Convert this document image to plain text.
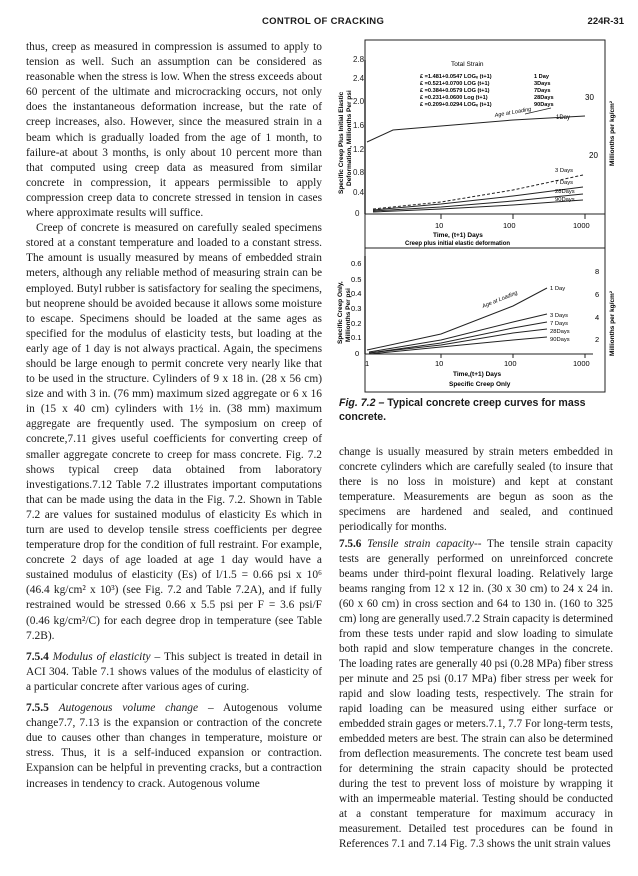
CONTROL OF CRACKING	224R-31

thus, creep as measured in compression is assumed to apply to tension as well. Such an assumption can be considered as reasonable when the stress is low. When the stress exceeds about 60 percent of the ultimate and microcracking occurs, not only does the instantaneous deformation increase, but the rate of creep increases, also. However, since the measured strain in a beam which is gradually loaded from the age of 1 month, to failure-at about 3 months, is only about 10 percent more than that computed using creep data as measured from similar concrete in compression, it appears permissible to apply compression creep data to concrete stressed in tension in cases where approximate results will suffice.

Creep of concrete is measured on carefully sealed specimens stored at a constant temperature and loaded to a constant stress. The amount is usually measured by means of embedded strain meters, although any reliable method of measuring strain can be employed. Butyl rubber is satisfactory for sealing the specimens, but neoprene should be avoided because it allows some moisture to escape. Specimens should be loaded at the same ages as specified for the modulus of elasticity tests, but loading at the early age of 1 day is not always practical. Again, the specimens should be large enough to permit concrete very nearly like that to be used in the structure. Cylinders of 9 x 18 in. (28 x 56 cm) size and with 3 in. (76 mm) maximum sized aggregate or 6 x 16 in (15 x 40 cm) cylinders with 1½ in. (38 mm) maximum aggregate are frequently used. The symposium on creep of concrete,7.11 gives useful coefficients for converting creep of smaller aggregate concrete to creep for mass concrete. Fig. 7.2 shows typical creep data obtained from laboratory investigations.7.12 Table 7.2 illustrates important computations that can be made using the data in the Fig. 7.2. Shown in Table 7.2 are values for sustained modulus of elasticity Es which in turn are used to develop tensile stress coefficients per degree temperature drop for the condition of full restraint. For example, concrete 2 days of age loaded at age 1 day would have a sustained modulus of elasticity (Es) of l/1.5 = 0.66 psi x 10⁶ (46.4 kg/cm² x 10³) (see Fig. 7.2 and Table 7.2A), and if fully restrained would be stressed 0.66 x 5.5 psi per F = 3.6 psi/F (0.46 kg/cm²/C) for each degree drop in temperature (see Table 7.2B).

7.5.4 Modulus of elasticity – This subject is treated in detail in ACI 304. Table 7.1 shows values of the modulus of elasticity of a particular concrete after various ages of curing.

7.5.5 Autogenous volume change – Autogenous volume change7.7, 7.13 is the expansion or contraction of the concrete due to causes other than changes in temperature, moisture or stress. Thus, it is a self-induced expansion or contraction. Expansion can be helpful in preventing cracks, but a contraction increases in tendency to crack. Autogenous volume

2.8
2.4
2.0
1.6
1.2
0.8
0.4
0
Specific Creep Plus Initial Elastic Deformation, Millionths Per psi	Millionths per kg/cm²
30
20
10	100	1000
Time, (t+1) Days
Creep plus initial elastic deformation
Total Strain
£ =1.481+0.0547 LOGₑ (t+1)
£ =0.521+0.0700 LOG (t+1)
£ =0.384+0.0579 LOG (t+1)
£ =0.231+0.0600 Log (t+1)
£ =0.209+0.0294 LOGₑ (t+1)
1 Day
3Days
7Days
28Days
90Days
Age at Loading	1Day
3 Days
7 Days
28Days
90Days
0.6
0.5
0.4
0.3
0.2
0.1
0
Specific Creep Only, Millionths Per psi	Millionths per kg/cm²
8
6
4
2
1	10	100	1000
Time,(t+1) Days
Specific Creep Only
Age at Loading
1 Day
3 Days
7 Days
28Days
90Days
Fig. 7.2 – Typical concrete creep curves for mass concrete.

change is usually measured by strain meters embedded in concrete cylinders which are carefully sealed (to insure that there is no loss in moisture) and kept at constant temperature. Measurements are begun as soon as the specimens are hardened and sealed, and continued periodically for months.

7.5.6 Tensile strain capacity-- The tensile strain capacity tests are generally performed on unreinforced concrete beams under third-point flexural loading. Relatively large beams ranging from 12 x 12 in. (30 x 30 cm) to 24 x 24 in. (60 x 60 cm) in cross section and 64 to 130 in. (160 to 325 cm) long are generally used.7.2 Strain capacity is determined from these tests under rapid and slow loading to simulate both rapid and slow temperature changes in the concrete. The loading rates are generally 40 psi (0.28 MPa) fiber stress per minute and 25 psi (0.17 MPa) fiber stress per week for rapid and slow loading tests, respectively. The strain for rapid loading can be measured using either surface or embedded strain gages or meters.7.1, 7.7 For long-term tests, embedded meters are best. The strain can also be determined from deflection measurements. The concrete test beam used for determining the strain capacity should be protected during the test to prevent loss of moisture by wrapping it with an impermeable material. Testing should be conducted at a constant temperature for maximum accuracy in measurement. Detailed test procedures can be found in References 7.1 and 7.14 Fig. 7.3 shows the unit strain values
